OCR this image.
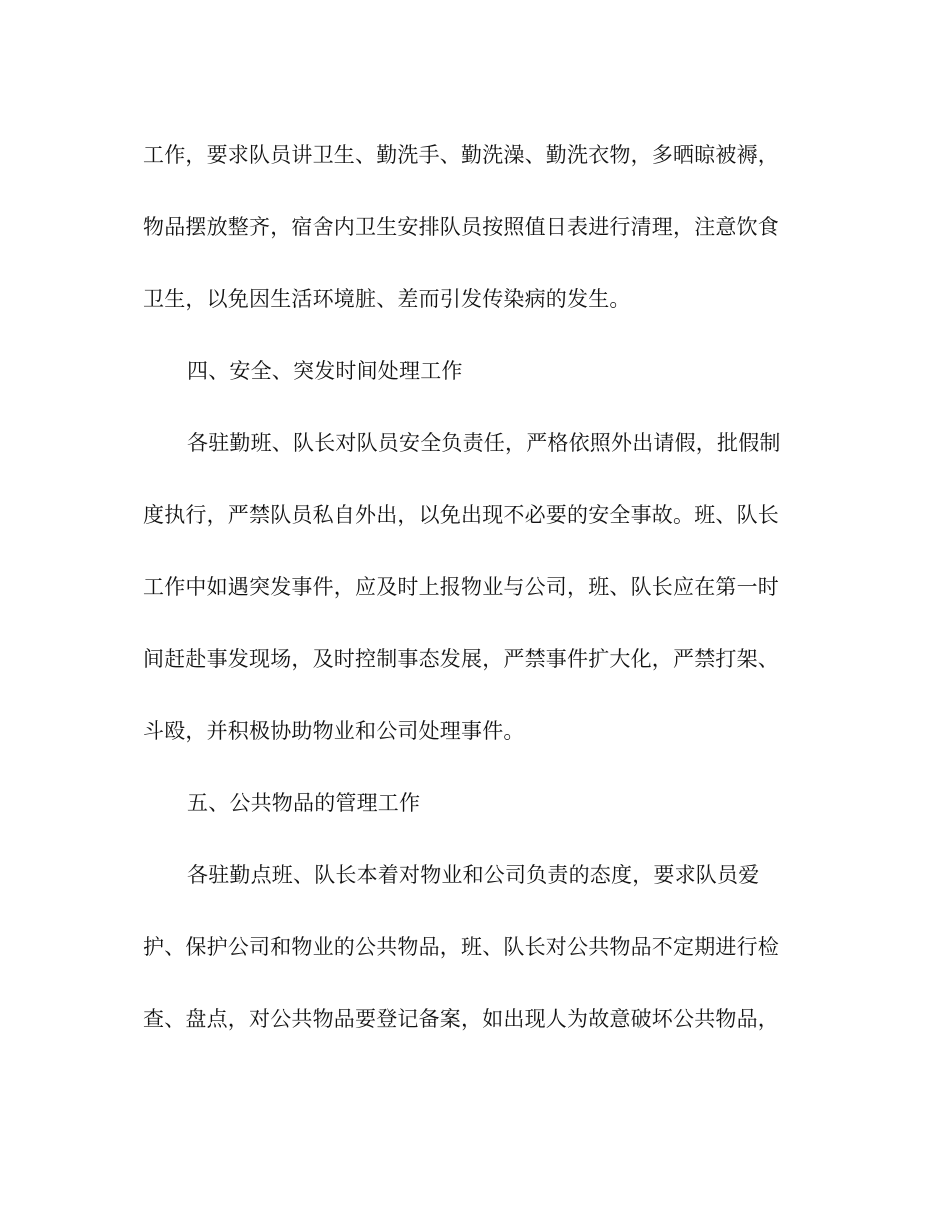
工作，要求队员讲卫生、勤洗手、勤洗澡、勤洗衣物，多晒晾被褥，
物品摆放整齐，宿舍内卫生安排队员按照值日表进行清理，注意饮食
卫生，以免因生活环境脏、差而引发传染病的发生。
四、安全、突发时间处理工作
各驻勤班、队长对队员安全负责任，严格依照外出请假，批假制
度执行，严禁队员私自外出，以免出现不必要的安全事故。班、队长
工作中如遇突发事件，应及时上报物业与公司，班、队长应在第一时
间赶赴事发现场，及时控制事态发展，严禁事件扩大化，严禁打架、
斗殴，并积极协助物业和公司处理事件。
五、公共物品的管理工作
各驻勤点班、队长本着对物业和公司负责的态度，要求队员爱
护、保护公司和物业的公共物品，班、队长对公共物品不定期进行检
查、盘点，对公共物品要登记备案，如出现人为故意破坏公共物品，
